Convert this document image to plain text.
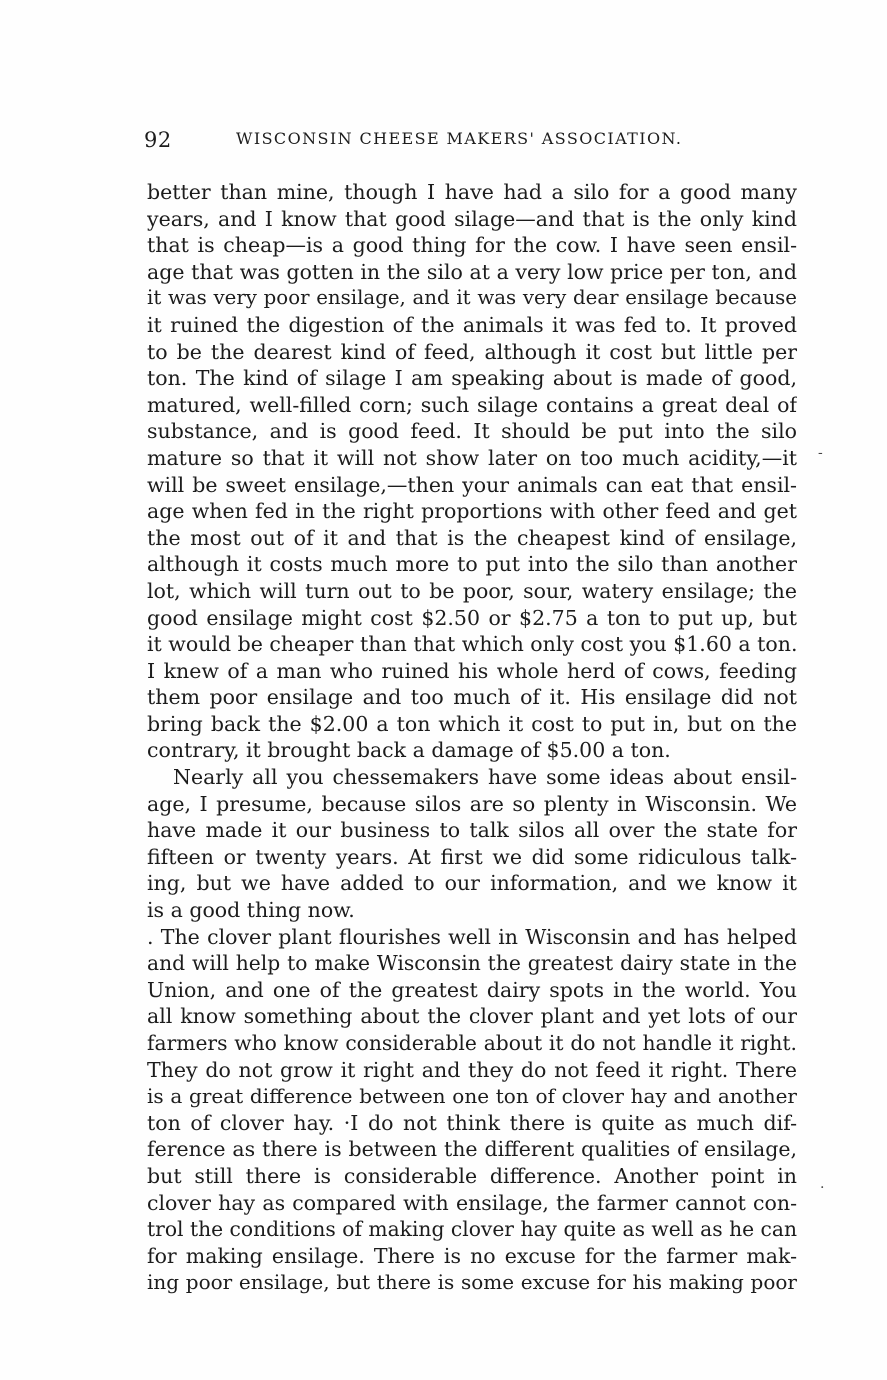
92	WISCONSIN CHEESE MAKERS' ASSOCIATION.
better than mine, though I have had a silo for a good many
years, and I know that good silage—and that is the only kind
that is cheap—is a good thing for the cow. I have seen ensil-
age that was gotten in the silo at a very low price per ton, and
it was very poor ensilage, and it was very dear ensilage because
it ruined the digestion of the animals it was fed to. It proved
to be the dearest kind of feed, although it cost but little per
ton. The kind of silage I am speaking about is made of good,
matured, well-filled corn; such silage contains a great deal of
substance, and is good feed. It should be put into the silo
mature so that it will not show later on too much acidity,—it
will be sweet ensilage,—then your animals can eat that ensil-
age when fed in the right proportions with other feed and get
the most out of it and that is the cheapest kind of ensilage,
although it costs much more to put into the silo than another
lot, which will turn out to be poor, sour, watery ensilage; the
good ensilage might cost $2.50 or $2.75 a ton to put up, but
it would be cheaper than that which only cost you $1.60 a ton.
I knew of a man who ruined his whole herd of cows, feeding
them poor ensilage and too much of it. His ensilage did not
bring back the $2.00 a ton which it cost to put in, but on the
contrary, it brought back a damage of $5.00 a ton.
Nearly all you chessemakers have some ideas about ensil-
age, I presume, because silos are so plenty in Wisconsin. We
have made it our business to talk silos all over the state for
fifteen or twenty years. At first we did some ridiculous talk-
ing, but we have added to our information, and we know it
is a good thing now.
. The clover plant flourishes well in Wisconsin and has helped
and will help to make Wisconsin the greatest dairy state in the
Union, and one of the greatest dairy spots in the world. You
all know something about the clover plant and yet lots of our
farmers who know considerable about it do not handle it right.
They do not grow it right and they do not feed it right. There
is a great difference between one ton of clover hay and another
ton of clover hay. ·I do not think there is quite as much dif-
ference as there is between the different qualities of ensilage,
but still there is considerable difference. Another point in
clover hay as compared with ensilage, the farmer cannot con-
trol the conditions of making clover hay quite as well as he can
for making ensilage. There is no excuse for the farmer mak-
ing poor ensilage, but there is some excuse for his making poor
-
.
